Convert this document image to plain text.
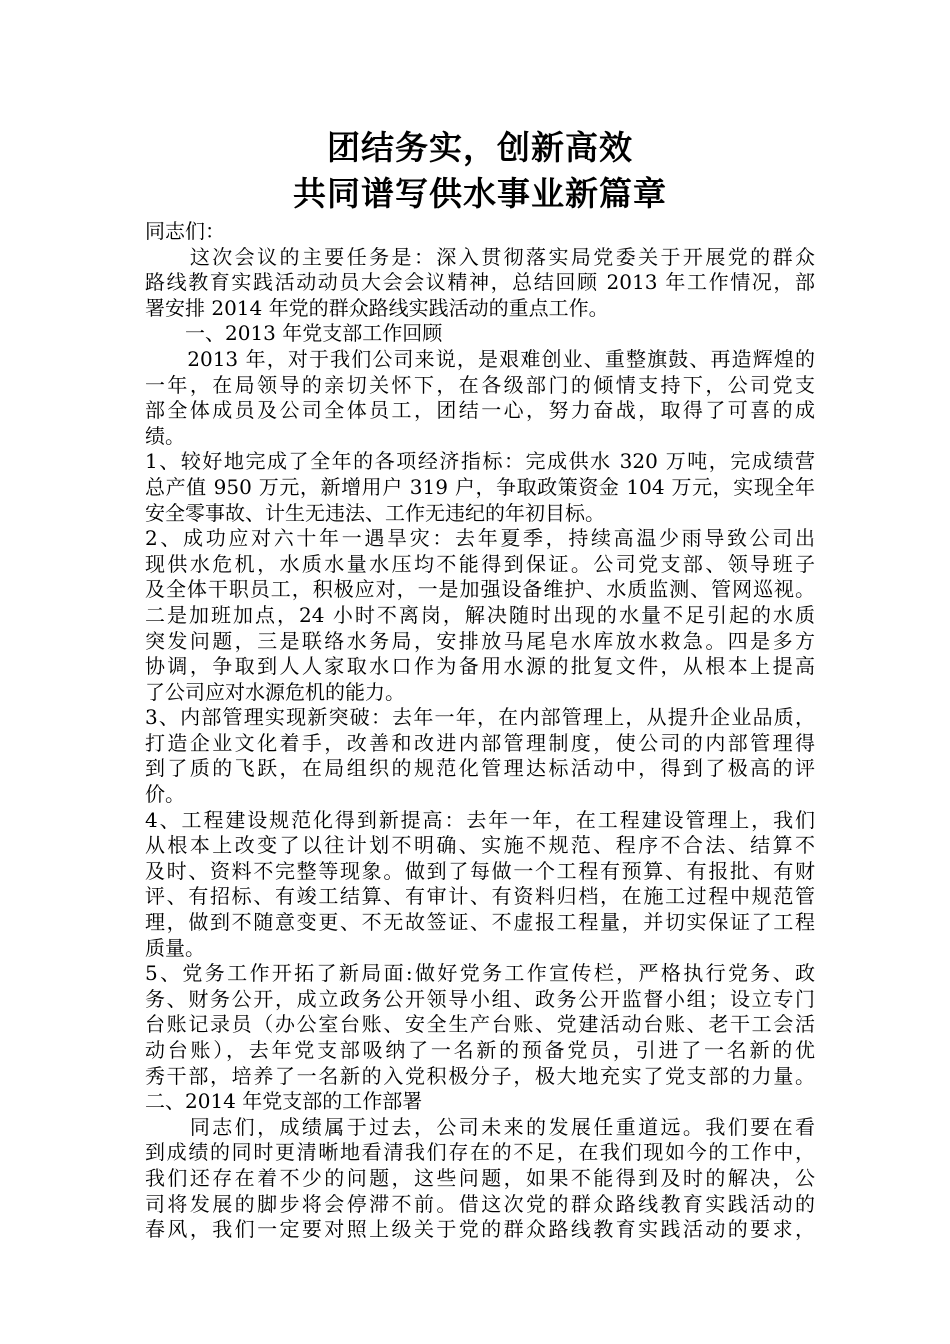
团结务实，创新高效
共同谱写供水事业新篇章
同志们：
　　这次会议的主要任务是：深入贯彻落实局党委关于开展党的群众
路线教育实践活动动员大会会议精神，总结回顾 2013 年工作情况，部
署安排 2014 年党的群众路线实践活动的重点工作。
　　一、2013 年党支部工作回顾
　　2013 年，对于我们公司来说，是艰难创业、重整旗鼓、再造辉煌的
一年，在局领导的亲切关怀下，在各级部门的倾情支持下，公司党支
部全体成员及公司全体员工，团结一心，努力奋战，取得了可喜的成
绩。
1、较好地完成了全年的各项经济指标：完成供水 320 万吨，完成绩营
总产值 950 万元，新增用户 319 户，争取政策资金 104 万元，实现全年
安全零事故、计生无违法、工作无违纪的年初目标。
2、成功应对六十年一遇旱灾：去年夏季，持续高温少雨导致公司出
现供水危机，水质水量水压均不能得到保证。公司党支部、领导班子
及全体干职员工，积极应对，一是加强设备维护、水质监测、管网巡视。
二是加班加点，24 小时不离岗，解决随时出现的水量不足引起的水质
突发问题，三是联络水务局，安排放马尾皂水库放水救急。四是多方
协调，争取到人人家取水口作为备用水源的批复文件，从根本上提高
了公司应对水源危机的能力。
3、内部管理实现新突破：去年一年，在内部管理上，从提升企业品质，
打造企业文化着手，改善和改进内部管理制度，使公司的内部管理得
到了质的飞跃，在局组织的规范化管理达标活动中，得到了极高的评
价。
4、工程建设规范化得到新提高：去年一年，在工程建设管理上，我们
从根本上改变了以往计划不明确、实施不规范、程序不合法、结算不
及时、资料不完整等现象。做到了每做一个工程有预算、有报批、有财
评、有招标、有竣工结算、有审计、有资料归档，在施工过程中规范管
理，做到不随意变更、不无故签证、不虚报工程量，并切实保证了工程
质量。
5、党务工作开拓了新局面:做好党务工作宣传栏，严格执行党务、政
务、财务公开，成立政务公开领导小组、政务公开监督小组；设立专门
台账记录员（办公室台账、安全生产台账、党建活动台账、老干工会活
动台账），去年党支部吸纳了一名新的预备党员，引进了一名新的优
秀干部，培养了一名新的入党积极分子，极大地充实了党支部的力量。
二、2014 年党支部的工作部署
　　同志们，成绩属于过去，公司未来的发展任重道远。我们要在看
到成绩的同时更清晰地看清我们存在的不足，在我们现如今的工作中，
我们还存在着不少的问题，这些问题，如果不能得到及时的解决，公
司将发展的脚步将会停滞不前。借这次党的群众路线教育实践活动的
春风，我们一定要对照上级关于党的群众路线教育实践活动的要求，
